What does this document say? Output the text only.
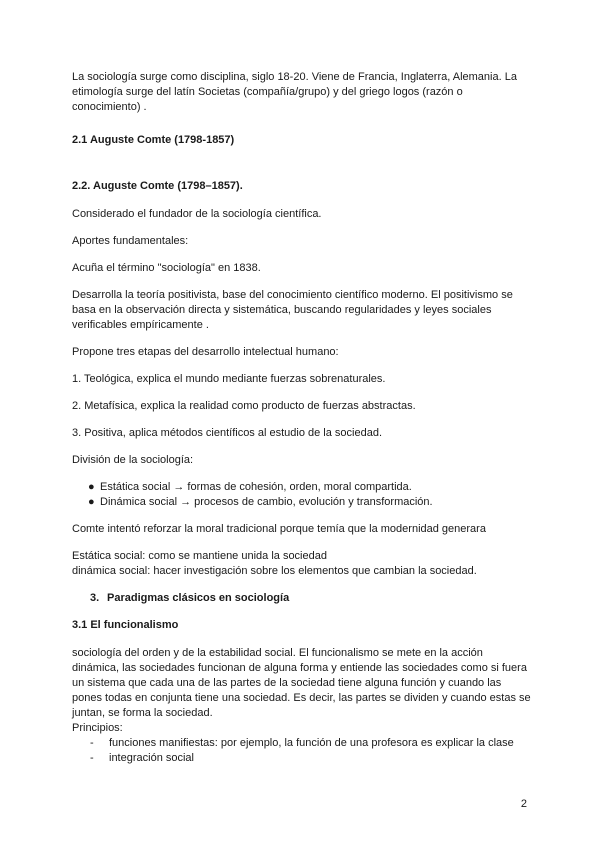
La sociología surge como disciplina, siglo 18-20. Viene de Francia, Inglaterra, Alemania. La etimología surge del latín Societas (compañía/grupo) y del griego logos (razón o conocimiento) .

2.1 Auguste Comte (1798-1857)

2.2. Auguste Comte (1798–1857).

Considerado el fundador de la sociología científica.

Aportes fundamentales:

Acuña el término "sociología" en 1838.

Desarrolla la teoría positivista, base del conocimiento científico moderno. El positivismo se basa en la observación directa y sistemática, buscando regularidades y leyes sociales verificables empíricamente .

Propone tres etapas del desarrollo intelectual humano:

1. Teológica, explica el mundo mediante fuerzas sobrenaturales.

2. Metafísica, explica la realidad como producto de fuerzas abstractas.

3. Positiva, aplica métodos científicos al estudio de la sociedad.

División de la sociología:

● Estática social → formas de cohesión, orden, moral compartida.
● Dinámica social → procesos de cambio, evolución y transformación.

Comte intentó reforzar la moral tradicional porque temía que la modernidad generara

Estática social: como se mantiene unida la sociedad

dinámica social: hacer investigación sobre los elementos que cambian la sociedad.

3. Paradigmas clásicos en sociología

3.1 El funcionalismo

sociología del orden y de la estabilidad social. El funcionalismo se mete en la acción dinámica, las sociedades funcionan de alguna forma y entiende las sociedades como si fuera un sistema que cada una de las partes de la sociedad tiene alguna función y cuando las pones todas en conjunta tiene una sociedad. Es decir, las partes se dividen y cuando estas se juntan, se forma la sociedad.

Principios:

- funciones manifiestas: por ejemplo, la función de una profesora es explicar la clase
- integración social
2
